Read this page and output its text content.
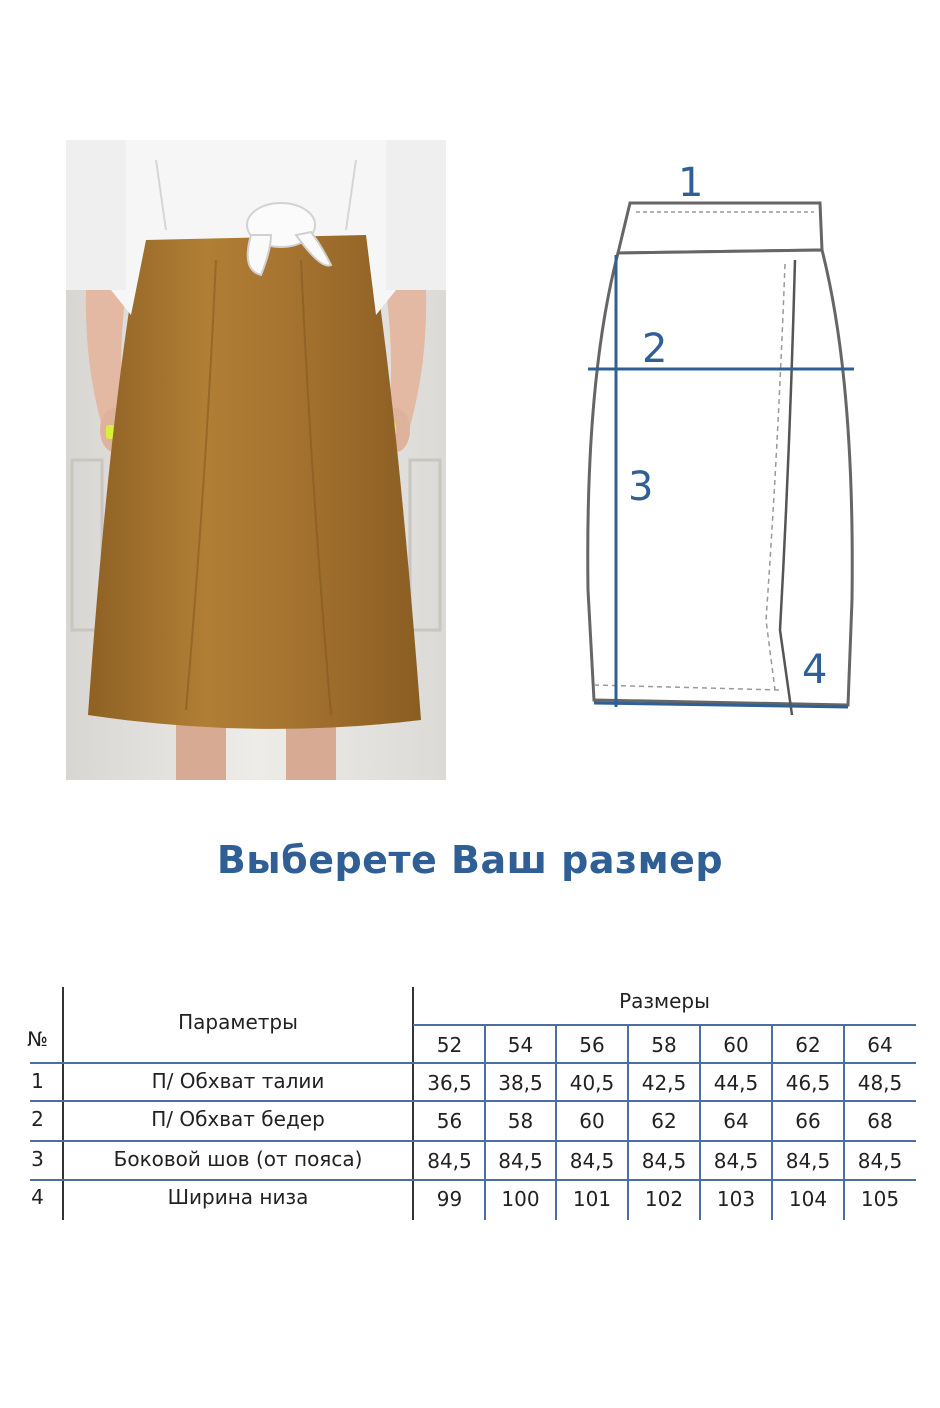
1
2
3
4
Выберете Ваш размер
№
Параметры
Размеры
52	54	56	58	60	62	64
1	П/ Обхват талии	36,5	38,5	40,5	42,5	44,5	46,5	48,5
2	П/ Обхват бедер	56	58	60	62	64	66	68
3	Боковой шов (от пояса)	84,5	84,5	84,5	84,5	84,5	84,5	84,5
4	Ширина низа	99	100	101	102	103	104	105
